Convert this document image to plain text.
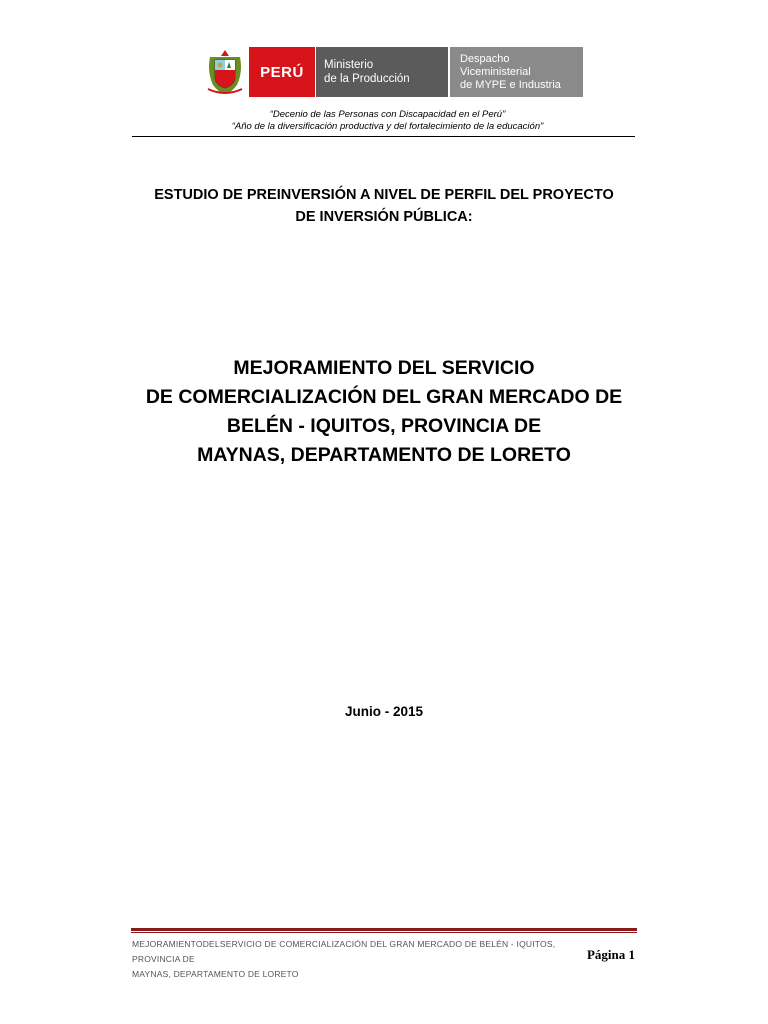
PERÚ Ministerio
de la Producción
Despacho Viceministerial
de MYPE e Industria
“Decenio de las Personas con Discapacidad en el Perú”
“Año de la diversificación productiva y del fortalecimiento de la educación”
ESTUDIO DE PREINVERSIÓN A NIVEL DE PERFIL DEL PROYECTO
DE INVERSIÓN PÚBLICA:
MEJORAMIENTO DEL SERVICIO
DE COMERCIALIZACIÓN DEL GRAN MERCADO DE
BELÉN - IQUITOS, PROVINCIA DE
MAYNAS, DEPARTAMENTO DE LORETO
Junio - 2015
MEJORAMIENTODELSERVICIO DE COMERCIALIZACIÓN DEL GRAN MERCADO DE BELÉN - IQUITOS, PROVINCIA DE
MAYNAS, DEPARTAMENTO DE LORETO
Página 1
